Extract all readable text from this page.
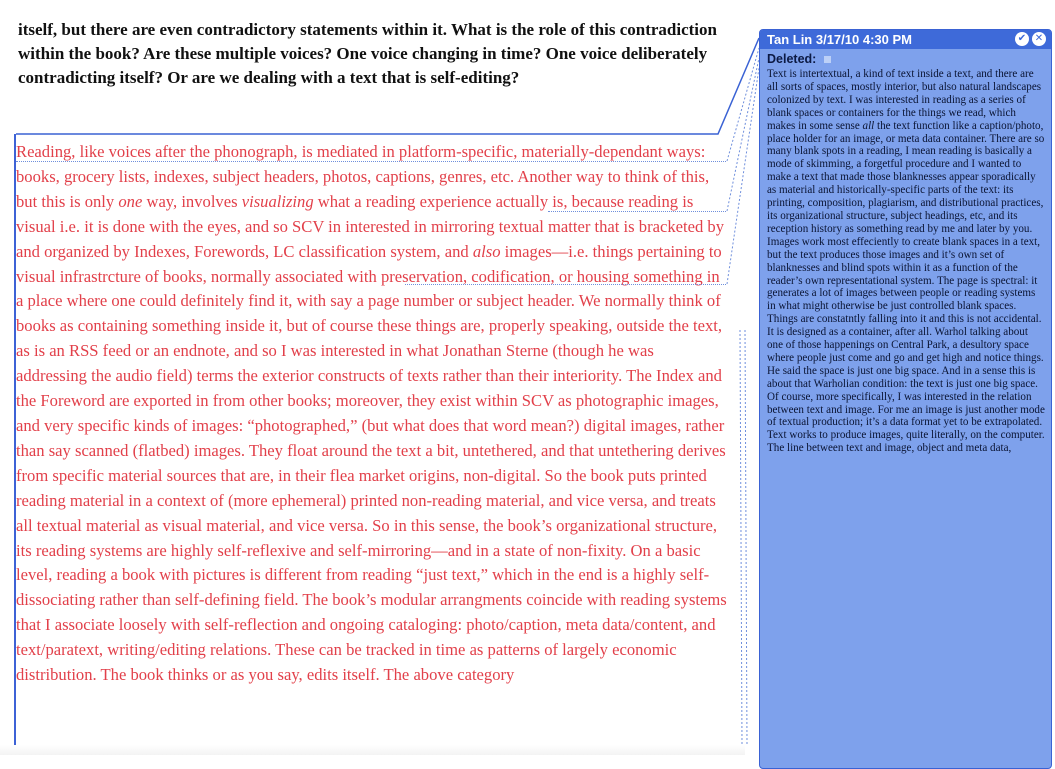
itself, but there are even contradictory statements within it. What is the role of this contradiction within the book? Are these multiple voices? One voice changing in time? One voice deliberately contradicting itself? Or are we dealing with a text that is self-editing?
Reading, like voices after the phonograph, is mediated in platform-specific, materially-dependant ways: books, grocery lists, indexes, subject headers, photos, captions, genres, etc. Another way to think of this, but this is only one way, involves visualizing what a reading experience actually is, because reading is visual i.e. it is done with the eyes, and so SCV in interested in mirroring textual matter that is bracketed by and organized by Indexes, Forewords, LC classification system, and also images—i.e. things pertaining to visual infrastrcture of books, normally associated with preservation, codification, or housing something in a place where one could definitely find it, with say a page number or subject header. We normally think of books as containing something inside it, but of course these things are, properly speaking, outside the text, as is an RSS feed or an endnote, and so I was interested in what Jonathan Sterne (though he was addressing the audio field) terms the exterior constructs of texts rather than their interiority. The Index and the Foreword are exported in from other books; moreover, they exist within SCV as photographic images, and very specific kinds of images: “photographed,” (but what does that word mean?) digital images, rather than say scanned (flatbed) images. They float around the text a bit, untethered, and that untethering derives from specific material sources that are, in their flea market origins, non-digital. So the book puts printed reading material in a context of (more ephemeral) printed non-reading material, and vice versa, and treats all textual material as visual material, and vice versa. So in this sense, the book’s organizational structure, its reading systems are highly self-reflexive and self-mirroring—and in a state of non-fixity. On a basic level, reading a book with pictures is different from reading “just text,” which in the end is a highly self-dissociating rather than self-defining field. The book’s modular arrangments coincide with reading systems that I associate loosely with self-reflection and ongoing cataloging: photo/caption, meta data/content, and text/paratext, writing/editing relations. These can be tracked in time as patterns of largely economic distribution. The book thinks or as you say, edits itself. The above category
Tan Lin 3/17/10 4:30 PM	✔ ✕
Deleted:
Text is intertextual, a kind of text inside a text, and there are all sorts of spaces, mostly interior, but also natural landscapes colonized by text. I was interested in reading as a series of blank spaces or containers for the things we read, which makes in some sense all the text function like a caption/photo, place holder for an image, or meta data container. There are so many blank spots in a reading, I mean reading is basically a mode of skimming, a forgetful procedure and I wanted to make a text that made those blanknesses appear sporadically as material and historically-specific parts of the text: its printing, composition, plagiarism, and distributional practices, its organizational structure, subject headings, etc, and its reception history as something read by me and later by you. Images work most effeciently to create blank spaces in a text, but the text produces those images and it’s own set of blanknesses and blind spots within it as a function of the reader’s own representational system. The page is spectral: it generates a lot of images between people or reading systems in what might otherwise be just controlled blank spaces. Things are constatntly falling into it and this is not accidental. It is designed as a container, after all. Warhol talking about one of those happenings on Central Park, a desultory space where people just come and go and get high and notice things. He said the space is just one big space. And in a sense this is about that Warholian condition: the text is just one big space. Of course, more specifically, I was interested in the relation between text and image. For me an image is just another mode of textual production; it’s a data format yet to be extrapolated. Text works to produce images, quite literally, on the computer. The line between text and image, object and meta data,
